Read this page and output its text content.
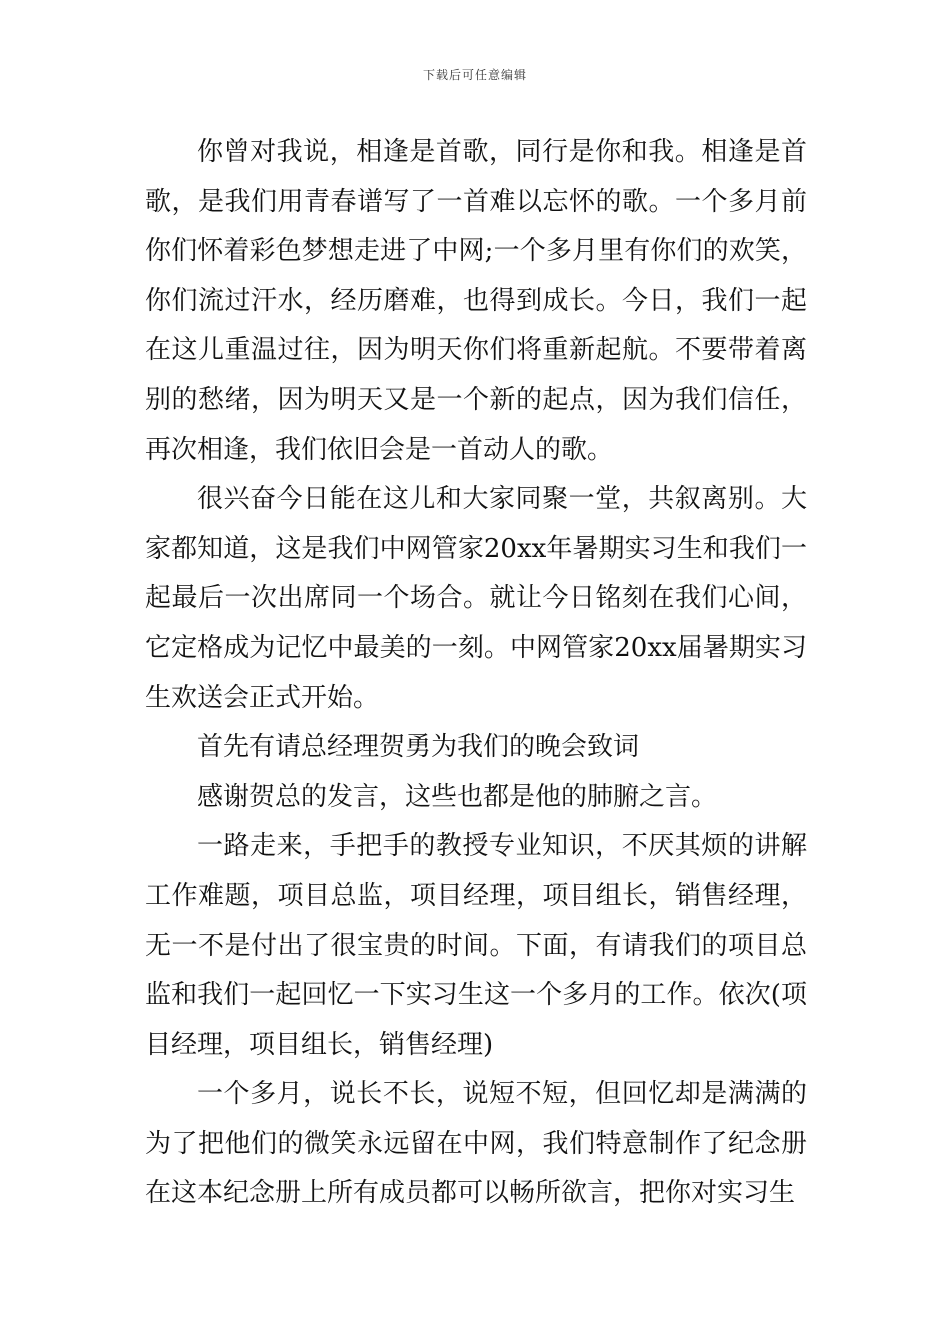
下载后可任意编辑

你曾对我说，相逢是首歌，同行是你和我。相逢是首歌，是我们用青春谱写了一首难以忘怀的歌。一个多月前你们怀着彩色梦想走进了中网;一个多月里有你们的欢笑，你们流过汗水，经历磨难，也得到成长。今日，我们一起在这儿重温过往，因为明天你们将重新起航。不要带着离别的愁绪，因为明天又是一个新的起点，因为我们信任，再次相逢，我们依旧会是一首动人的歌。

很兴奋今日能在这儿和大家同聚一堂，共叙离别。大家都知道，这是我们中网管家20xx年暑期实习生和我们一起最后一次出席同一个场合。就让今日铭刻在我们心间，它定格成为记忆中最美的一刻。中网管家20xx届暑期实习生欢送会正式开始。

首先有请总经理贺勇为我们的晚会致词

感谢贺总的发言，这些也都是他的肺腑之言。

一路走来，手把手的教授专业知识，不厌其烦的讲解工作难题，项目总监，项目经理，项目组长，销售经理，无一不是付出了很宝贵的时间。下面，有请我们的项目总监和我们一起回忆一下实习生这一个多月的工作。依次(项目经理，项目组长，销售经理)

一个多月，说长不长，说短不短，但回忆却是满满的为了把他们的微笑永远留在中网，我们特意制作了纪念册在这本纪念册上所有成员都可以畅所欲言，把你对实习生
